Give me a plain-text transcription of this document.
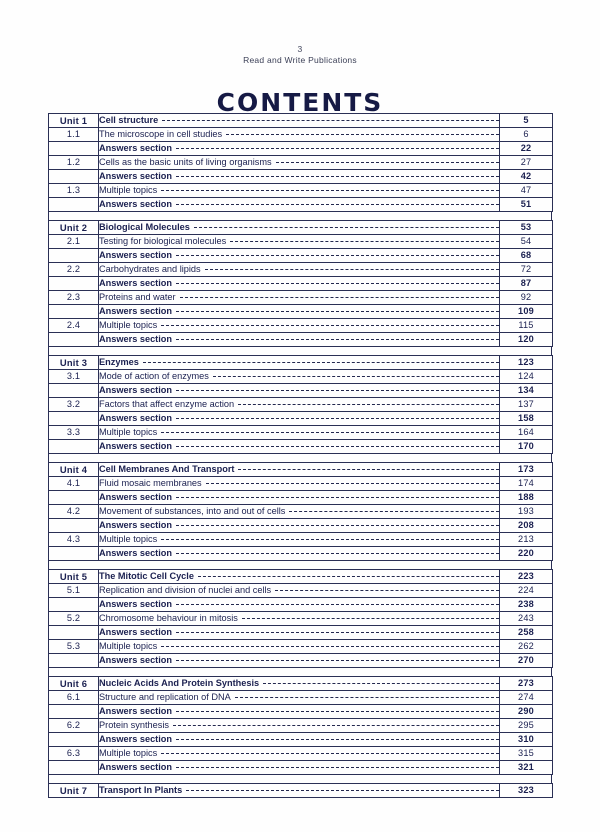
3
Read and Write Publications
CONTENTS
Unit 1	Cell structure	5
1.1	The microscope in cell studies	6

	Answers section	22
1.2	Cells as the basic units of living organisms	27

	Answers section	42
1.3	Multiple topics	47

	Answers section	51
Unit 2	Biological Molecules	53
2.1	Testing for biological molecules	54

	Answers section	68
2.2	Carbohydrates and lipids	72

	Answers section	87
2.3	Proteins and water	92

	Answers section	109
2.4	Multiple topics	115

	Answers section	120
Unit 3	Enzymes	123
3.1	Mode of action of enzymes	124

	Answers section	134
3.2	Factors that affect enzyme action	137

	Answers section	158
3.3	Multiple topics	164

	Answers section	170
Unit 4	Cell Membranes And Transport	173
4.1	Fluid mosaic membranes	174

	Answers section	188
4.2	Movement of substances, into and out of cells	193

	Answers section	208
4.3	Multiple topics	213

	Answers section	220
Unit 5	The Mitotic Cell Cycle	223
5.1	Replication and division of nuclei and cells	224

	Answers section	238
5.2	Chromosome behaviour in mitosis	243

	Answers section	258
5.3	Multiple topics	262

	Answers section	270
Unit 6	Nucleic Acids And Protein Synthesis	273
6.1	Structure and replication of DNA	274

	Answers section	290
6.2	Protein synthesis	295

	Answers section	310
6.3	Multiple topics	315

	Answers section	321
Unit 7	Transport In Plants	323
